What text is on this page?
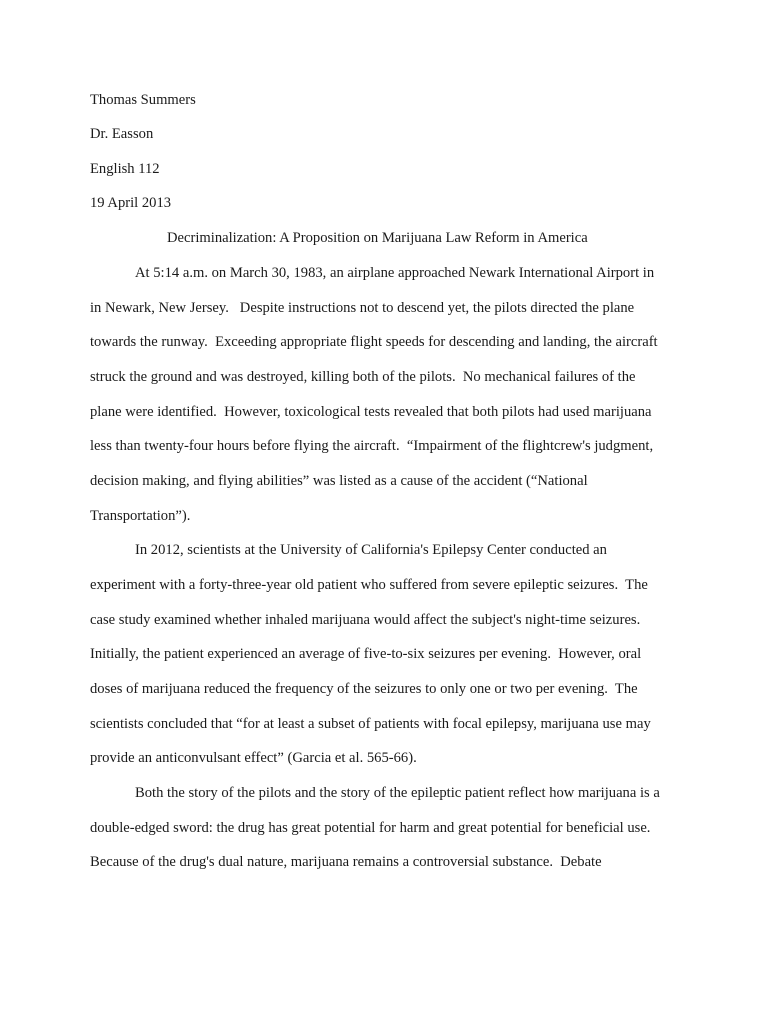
Thomas Summers

Dr. Easson

English 112

19 April 2013

Decriminalization: A Proposition on Marijuana Law Reform in America

At 5:14 a.m. on March 30, 1983, an airplane approached Newark International Airport in

in Newark, New Jersey.   Despite instructions not to descend yet, the pilots directed the plane

towards the runway.  Exceeding appropriate flight speeds for descending and landing, the aircraft

struck the ground and was destroyed, killing both of the pilots.  No mechanical failures of the

plane were identified.  However, toxicological tests revealed that both pilots had used marijuana

less than twenty-four hours before flying the aircraft.  “Impairment of the flightcrew's judgment,

decision making, and flying abilities” was listed as a cause of the accident (“National

Transportation”).

In 2012, scientists at the University of California's Epilepsy Center conducted an

experiment with a forty-three-year old patient who suffered from severe epileptic seizures.  The

case study examined whether inhaled marijuana would affect the subject's night-time seizures.

Initially, the patient experienced an average of five-to-six seizures per evening.  However, oral

doses of marijuana reduced the frequency of the seizures to only one or two per evening.  The

scientists concluded that “for at least a subset of patients with focal epilepsy, marijuana use may

provide an anticonvulsant effect” (Garcia et al. 565-66).

Both the story of the pilots and the story of the epileptic patient reflect how marijuana is a

double-edged sword: the drug has great potential for harm and great potential for beneficial use.

Because of the drug's dual nature, marijuana remains a controversial substance.  Debate
